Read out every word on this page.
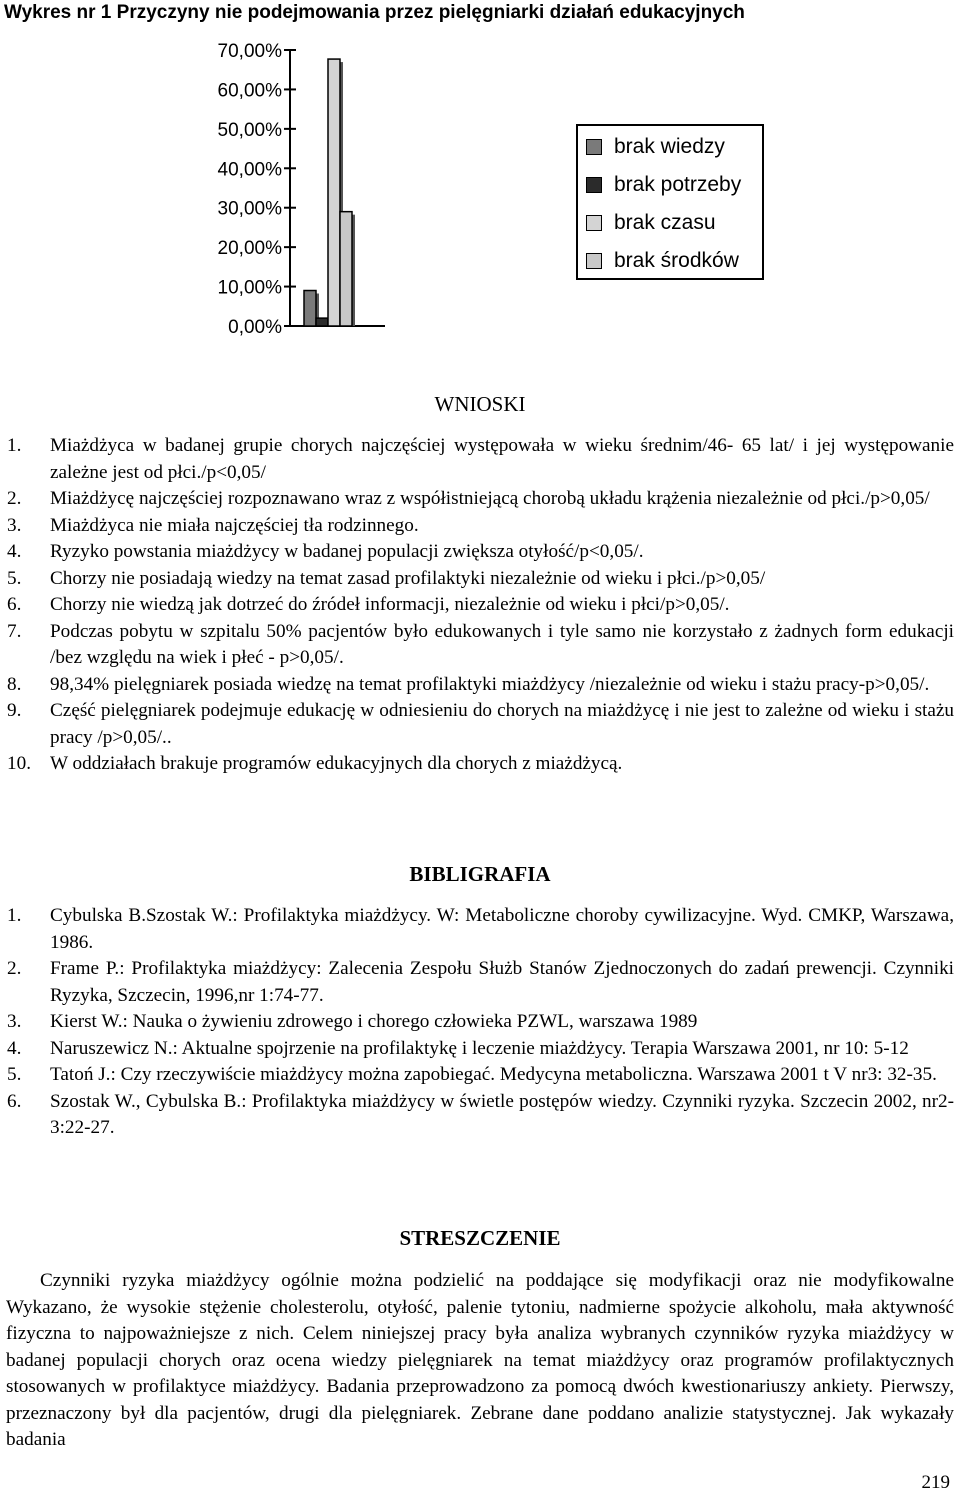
Wykres nr 1 Przyczyny nie podejmowania przez pielęgniarki działań edukacyjnych
70,00%
60,00%
50,00%
40,00%
30,00%
20,00%
10,00%
0,00%
brak wiedzy
brak potrzeby
brak czasu
brak środków
WNIOSKI
1. Miażdżyca w badanej grupie chorych najczęściej występowała w wieku średnim/46- 65 lat/ i jej występowanie zależne jest od płci./p<0,05/
2. Miażdżycę najczęściej rozpoznawano wraz z współistniejącą chorobą układu krążenia niezależnie od płci./p>0,05/
3. Miażdżyca nie miała najczęściej tła rodzinnego.
4. Ryzyko powstania miażdżycy w badanej populacji zwiększa otyłość/p<0,05/.
5. Chorzy nie posiadają wiedzy na temat zasad profilaktyki niezależnie od wieku i płci./p>0,05/
6. Chorzy nie wiedzą jak dotrzeć do źródeł informacji, niezależnie od wieku i płci/p>0,05/.
7. Podczas pobytu w szpitalu 50% pacjentów było edukowanych i tyle samo nie korzystało z żadnych form edukacji /bez względu na wiek i płeć - p>0,05/.
8. 98,34% pielęgniarek posiada wiedzę na temat profilaktyki miażdżycy /niezależnie od wieku i stażu pracy-p>0,05/.
9. Część pielęgniarek podejmuje edukację w odniesieniu do chorych na miażdżycę i nie jest to zależne od wieku i stażu pracy /p>0,05/..
10. W oddziałach brakuje programów edukacyjnych dla chorych z miażdżycą.
BIBLIGRAFIA
1. Cybulska B.Szostak W.: Profilaktyka miażdżycy. W: Metaboliczne choroby cywilizacyjne. Wyd. CMKP, Warszawa, 1986.
2. Frame P.: Profilaktyka miażdżycy: Zalecenia Zespołu Służb Stanów Zjednoczonych do zadań prewencji. Czynniki Ryzyka, Szczecin, 1996,nr 1:74-77.
3. Kierst W.: Nauka o żywieniu zdrowego i chorego człowieka PZWL, warszawa 1989
4. Naruszewicz N.: Aktualne spojrzenie na profilaktykę i leczenie miażdżycy. Terapia Warszawa 2001, nr 10: 5-12
5. Tatoń J.: Czy rzeczywiście miażdżycy można zapobiegać. Medycyna metaboliczna. Warszawa 2001 t V nr3: 32-35.
6. Szostak W., Cybulska B.: Profilaktyka miażdżycy w świetle postępów wiedzy. Czynniki ryzyka. Szczecin 2002, nr2-3:22-27.
STRESZCZENIE

Czynniki ryzyka miażdżycy ogólnie można podzielić na poddające się modyfikacji oraz nie modyfikowalne Wykazano, że wysokie stężenie cholesterolu, otyłość, palenie tytoniu, nadmierne spożycie alkoholu, mała aktywność fizyczna to najpoważniejsze z nich. Celem niniejszej pracy była analiza wybranych czynników ryzyka miażdżycy w badanej populacji chorych oraz ocena wiedzy pielęgniarek na temat miażdżycy oraz programów profilaktycznych stosowanych w profilaktyce miażdżycy. Badania przeprowadzono za pomocą dwóch kwestionariuszy ankiety. Pierwszy, przeznaczony był dla pacjentów, drugi dla pielęgniarek. Zebrane dane poddano analizie statystycznej. Jak wykazały badania

219
